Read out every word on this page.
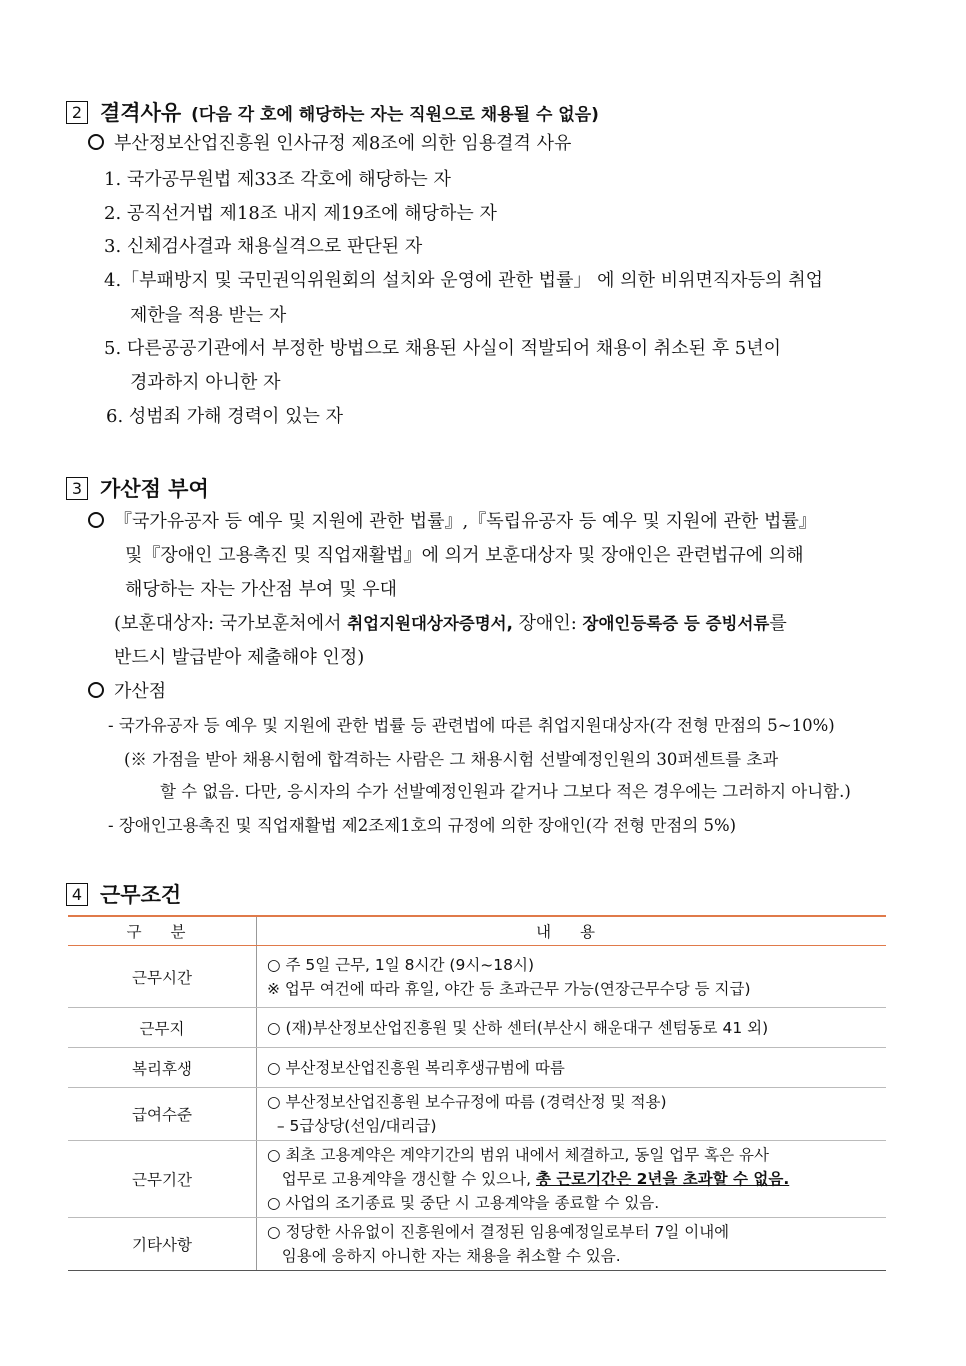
2 결격사유 (다음 각 호에 해당하는 자는 직원으로 채용될 수 없음)
부산정보산업진흥원 인사규정 제8조에 의한 임용결격 사유
1. 국가공무원법 제33조 각호에 해당하는 자
2. 공직선거법 제18조 내지 제19조에 해당하는 자
3. 신체검사결과 채용실격으로 판단된 자
4.「부패방지 및 국민권익위원회의 설치와 운영에 관한 법률」 에 의한 비위면직자등의 취업
제한을 적용 받는 자
5. 다른공공기관에서 부정한 방법으로 채용된 사실이 적발되어 채용이 취소된 후 5년이
경과하지 아니한 자
6. 성범죄 가해 경력이 있는 자
3 가산점 부여
『국가유공자 등 예우 및 지원에 관한 법률』,『독립유공자 등 예우 및 지원에 관한 법률』
및『장애인 고용촉진 및 직업재활법』에 의거 보훈대상자 및 장애인은 관련법규에 의해
해당하는 자는 가산점 부여 및 우대
(보훈대상자: 국가보훈처에서 취업지원대상자증명서, 장애인: 장애인등록증 등 증빙서류를
반드시 발급받아 제출해야 인정)
가산점
- 국가유공자 등 예우 및 지원에 관한 법률 등 관련법에 따른 취업지원대상자(각 전형 만점의 5~10%)
(※ 가점을 받아 채용시험에 합격하는 사람은 그 채용시험 선발예정인원의 30퍼센트를 초과
할 수 없음. 다만, 응시자의 수가 선발예정인원과 같거나 그보다 적은 경우에는 그러하지 아니함.)
- 장애인고용촉진 및 직업재활법 제2조제1호의 규정에 의한 장애인(각 전형 만점의 5%)
4 근무조건
구 분	내 용
근무시간	○ 주 5일 근무, 1일 8시간 (9시~18시)
※ 업무 여건에 따라 휴일, 야간 등 초과근무 가능(연장근무수당 등 지급)

근무지	○ (재)부산정보산업진흥원 및 산하 센터(부산시 해운대구 센텀동로 41 외)

복리후생	○ 부산정보산업진흥원 복리후생규범에 따름

급여수준	○ 부산정보산업진흥원 보수규정에 따름 (경력산정 및 적용)
– 5급상당(선임/대리급)

근무기간	○ 최초 고용계약은 계약기간의 범위 내에서 체결하고, 동일 업무 혹은 유사
업무로 고용계약을 갱신할 수 있으나, 총 근로기간은 2년을 초과할 수 없음.
○ 사업의 조기종료 및 중단 시 고용계약을 종료할 수 있음.

기타사항	○ 정당한 사유없이 진흥원에서 결정된 임용예정일로부터 7일 이내에
임용에 응하지 아니한 자는 채용을 취소할 수 있음.
